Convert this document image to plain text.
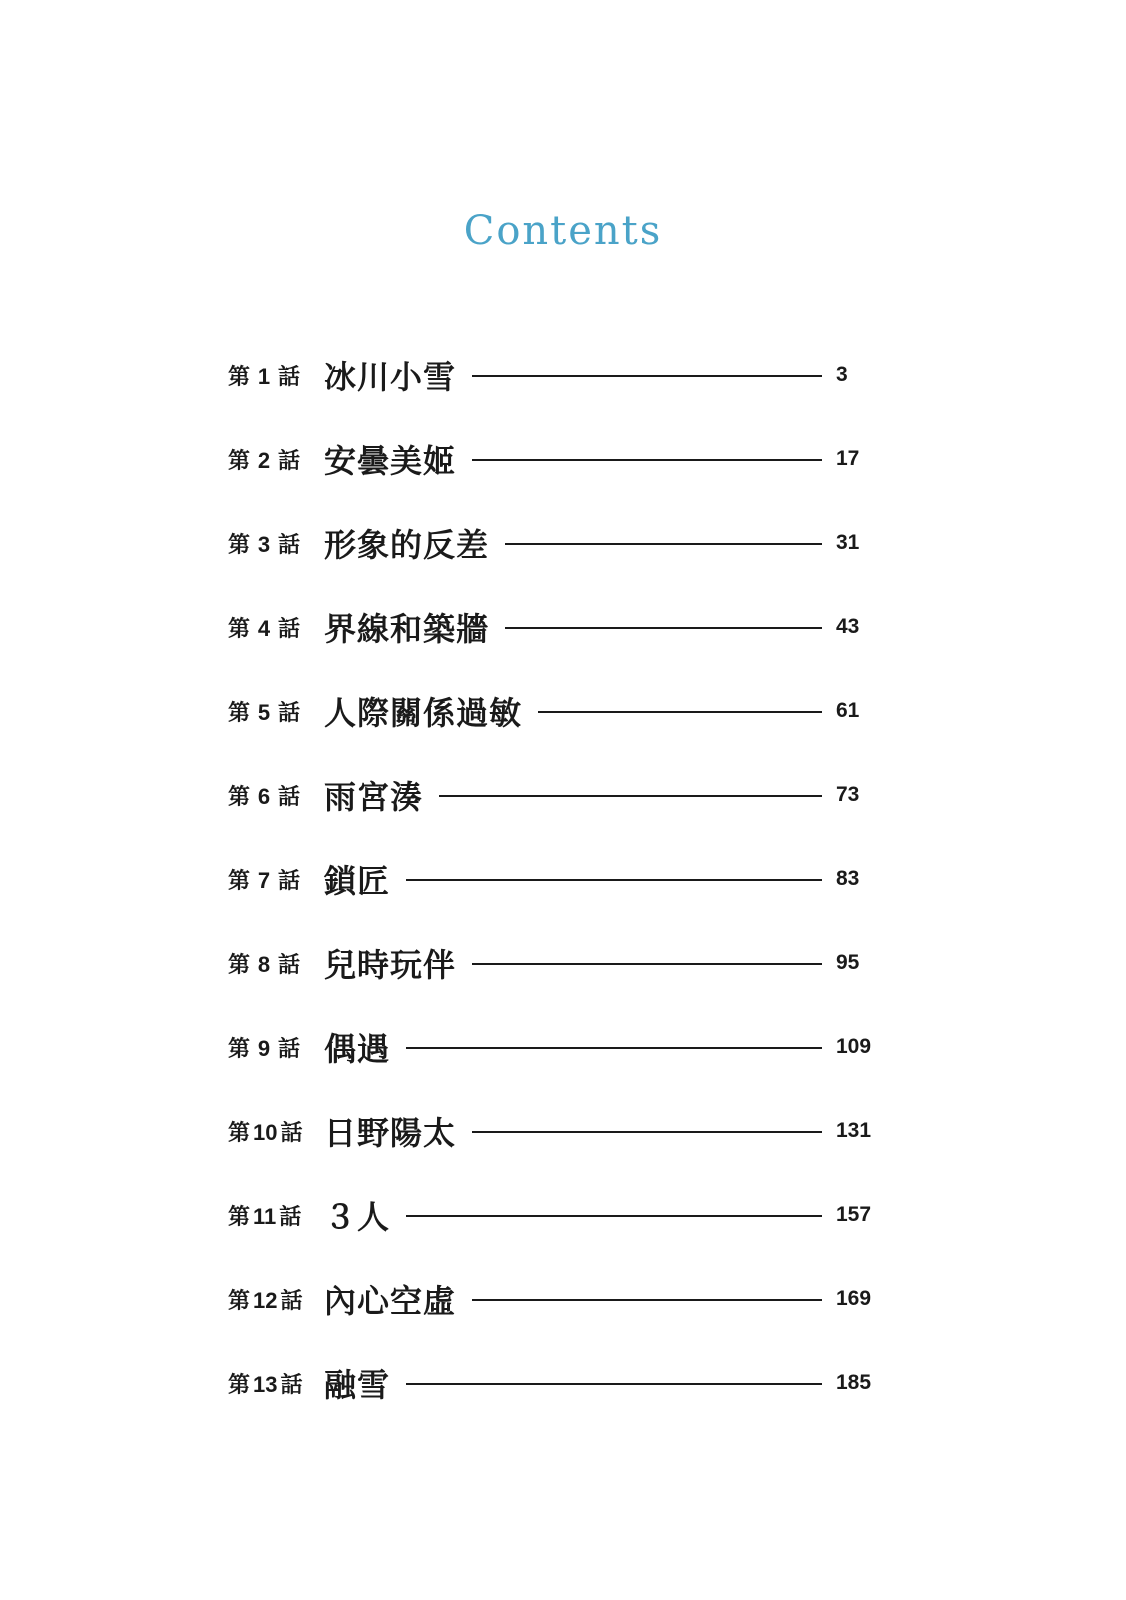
Contents
第 1 話 冰川小雪	3
第 2 話 安曇美姬	17
第 3 話 形象的反差	31
第 4 話 界線和築牆	43
第 5 話 人際關係過敏	61
第 6 話 雨宮湊	73
第 7 話 鎖匠	83
第 8 話 兒時玩伴	95
第 9 話 偶遇	109
第 10 話 日野陽太	131
第 11 話 ３人	157
第 12 話 內心空虛	169
第 13 話 融雪	185
